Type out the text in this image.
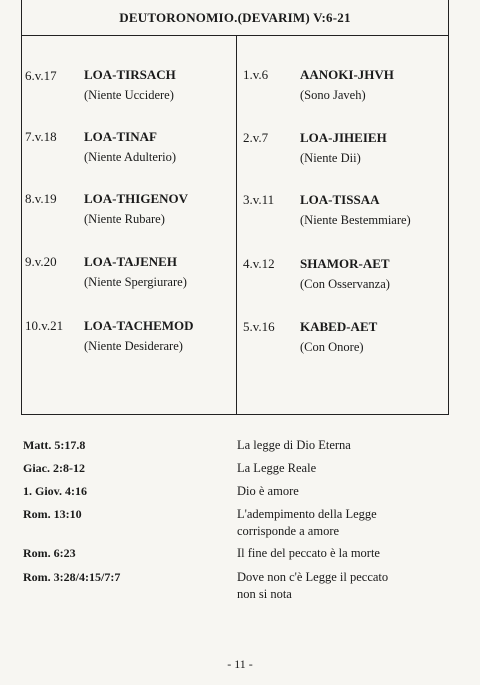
DEUTORONOMIO.(DEVARIM) V:6-21
6.v.17 LOA-TIRSACH
(Niente Uccidere)
7.v.18 LOA-TINAF
(Niente Adulterio)
8.v.19 LOA-THIGENOV
(Niente Rubare)
9.v.20 LOA-TAJENEH
(Niente Spergiurare)
10.v.21 LOA-TACHEMOD
(Niente Desiderare)
1.v.6 AANOKI-JHVH
(Sono Javeh)
2.v.7 LOA-JIHEIEH
(Niente Dii)
3.v.11 LOA-TISSAA
(Niente Bestemmiare)
4.v.12 SHAMOR-AET
(Con Osservanza)
5.v.16 KABED-AET
(Con Onore)
Matt. 5:17.8	La legge di Dio Eterna
Giac. 2:8-12	La Legge Reale
1. Giov. 4:16	Dio è amore
Rom. 13:10	L'adempimento della Legge
corrisponde a amore
Rom. 6:23	Il fine del peccato è la morte
Rom. 3:28/4:15/7:7	Dove non c'è Legge il peccato
non si nota
- 11 -
